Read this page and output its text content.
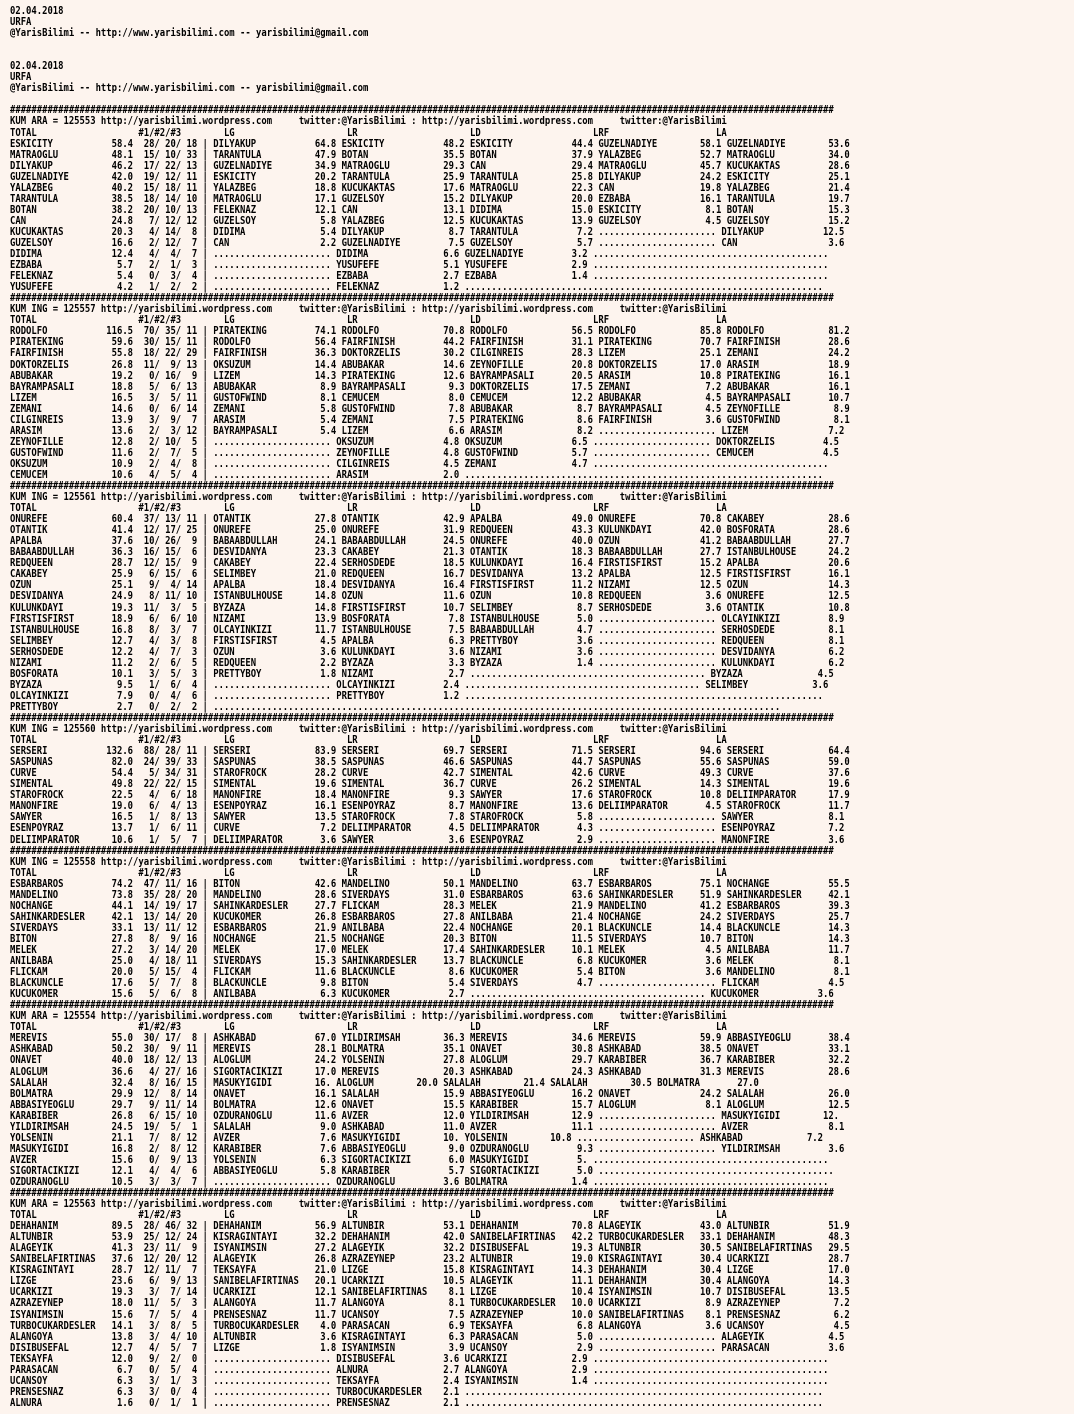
02.04.2018
URFA
@YarisBilimi -- http://www.yarisbilimi.com -- yarisbilimi@gmail.com

02.04.2018
URFA
@YarisBilimi -- http://www.yarisbilimi.com -- yarisbilimi@gmail.com

##########################################################################################################################################################
KUM ARA = 125553 http://yarisbilimi.wordpress.com     twitter:@YarisBilimi : http://yarisbilimi.wordpress.com     twitter:@YarisBilimi
TOTAL                   #1/#2/#3        LG                     LR                     LD                     LRF                    LA
ESKICITY           58.4  28/ 20/ 18 | DILYAKUP           64.8 ESKICITY           48.2 ESKICITY           44.4 GUZELNADIYE        58.1 GUZELNADIYE        53.6
MATRAOGLU          48.1  15/ 10/ 33 | TARANTULA          47.9 BOTAN              35.5 BOTAN              37.9 YALAZBEG           52.7 MATRAOGLU          34.0
DILYAKUP           46.2  17/ 22/ 13 | GUZELNADIYE        34.9 MATRAOGLU          29.3 CAN                29.4 MATRAOGLU          45.7 KUCUKAKTAS         28.6
GUZELNADIYE        42.0  19/ 12/ 11 | ESKICITY           20.2 TARANTULA          25.9 TARANTULA          25.8 DILYAKUP           24.2 ESKICITY           25.1
YALAZBEG           40.2  15/ 18/ 11 | YALAZBEG           18.8 KUCUKAKTAS         17.6 MATRAOGLU          22.3 CAN                19.8 YALAZBEG           21.4
TARANTULA          38.5  18/ 14/ 10 | MATRAOGLU          17.1 GUZELSOY           15.2 DILYAKUP           20.0 EZBABA             16.1 TARANTULA          19.7
BOTAN              38.2  20/ 10/ 13 | FELEKNAZ           12.1 CAN                13.1 DIDIMA             15.0 ESKICITY            8.1 BOTAN              15.3
CAN                24.8   7/ 12/ 12 | GUZELSOY            5.8 YALAZBEG           12.5 KUCUKAKTAS         13.9 GUZELSOY            4.5 GUZELSOY           15.2
KUCUKAKTAS         20.3   4/ 14/  8 | DIDIMA              5.4 DILYAKUP            8.7 TARANTULA           7.2 ...................... DILYAKUP           12.5
GUZELSOY           16.6   2/ 12/  7 | CAN                 2.2 GUZELNADIYE         7.5 GUZELSOY            5.7 ...................... CAN                 3.6
DIDIMA             12.4   4/  4/  7 | ...................... DIDIMA              6.6 GUZELNADIYE         3.2 ............................................
EZBABA              5.7   2/  1/  3 | ...................... YUSUFEFE            5.1 YUSUFEFE            2.9 ............................................
FELEKNAZ            5.4   0/  3/  4 | ...................... EZBABA              2.7 EZBABA              1.4 ............................................
YUSUFEFE            4.2   1/  2/  2 | ...................... FELEKNAZ            1.2 ...................................................................
##########################################################################################################################################################
KUM ING = 125557 http://yarisbilimi.wordpress.com     twitter:@YarisBilimi : http://yarisbilimi.wordpress.com     twitter:@YarisBilimi
TOTAL                   #1/#2/#3        LG                     LR                     LD                     LRF                    LA
RODOLFO           116.5  70/ 35/ 11 | PIRATEKING         74.1 RODOLFO            70.8 RODOLFO            56.5 RODOLFO            85.8 RODOLFO            81.2
PIRATEKING         59.6  30/ 15/ 11 | RODOLFO            56.4 FAIRFINISH         44.2 FAIRFINISH         31.1 PIRATEKING         70.7 FAIRFINISH         28.6
FAIRFINISH         55.8  18/ 22/ 29 | FAIRFINISH         36.3 DOKTORZELIS        30.2 CILGINREIS         28.3 LIZEM              25.1 ZEMANI             24.2
DOKTORZELIS        26.8  11/  9/ 13 | OKSUZUM            14.4 ABUBAKAR           14.6 ZEYNOFILLE         20.8 DOKTORZELIS        17.0 ARASIM             18.9
ABUBAKAR           19.2   0/ 16/  9 | LIZEM              14.3 PIRATEKING         12.6 BAYRAMPASALI       20.5 ARASIM             10.8 PIRATEKING         16.1
BAYRAMPASALI       18.8   5/  6/ 13 | ABUBAKAR            8.9 BAYRAMPASALI        9.3 DOKTORZELIS        17.5 ZEMANI              7.2 ABUBAKAR           16.1
LIZEM              16.5   3/  5/ 11 | GUSTOFWIND          8.1 CEMUCEM             8.0 CEMUCEM            12.2 ABUBAKAR            4.5 BAYRAMPASALI       10.7
ZEMANI             14.6   0/  6/ 14 | ZEMANI              5.8 GUSTOFWIND          7.8 ABUBAKAR            8.7 BAYRAMPASALI        4.5 ZEYNOFILLE          8.9
CILGINREIS         13.9   3/  9/  7 | ARASIM              5.4 ZEMANI              7.5 PIRATEKING          8.6 FAIRFINISH          3.6 GUSTOFWIND          8.1
ARASIM             13.6   2/  3/ 12 | BAYRAMPASALI        5.4 LIZEM               6.6 ARASIM              8.2 ...................... LIZEM               7.2
ZEYNOFILLE         12.8   2/ 10/  5 | ...................... OKSUZUM             4.8 OKSUZUM             6.5 ...................... DOKTORZELIS         4.5
GUSTOFWIND         11.6   2/  7/  5 | ...................... ZEYNOFILLE          4.8 GUSTOFWIND          5.7 ...................... CEMUCEM             4.5
OKSUZUM            10.9   2/  4/  8 | ...................... CILGINREIS          4.5 ZEMANI              4.7 ............................................
CEMUCEM            10.6   4/  5/  4 | ...................... ARASIM              2.0 ...................................................................
##########################################################################################################################################################
KUM ING = 125561 http://yarisbilimi.wordpress.com     twitter:@YarisBilimi : http://yarisbilimi.wordpress.com     twitter:@YarisBilimi
TOTAL                   #1/#2/#3        LG                     LR                     LD                     LRF                    LA
ONUREFE            60.4  37/ 13/ 11 | OTANTIK            27.8 OTANTIK            42.9 APALBA             49.0 ONUREFE            70.8 CAKABEY            28.6
OTANTIK            41.4  12/ 17/ 25 | ONUREFE            25.0 ONUREFE            31.9 REDQUEEN           43.3 KULUNKDAYI         42.0 BOSFORATA          28.6
APALBA             37.6  10/ 26/  9 | BABAABDULLAH       24.1 BABAABDULLAH       24.5 ONUREFE            40.0 OZUN               41.2 BABAABDULLAH       27.7
BABAABDULLAH       36.3  16/ 15/  6 | DESVIDANYA         23.3 CAKABEY            21.3 OTANTIK            18.3 BABAABDULLAH       27.7 ISTANBULHOUSE      24.2
REDQUEEN           28.7  12/ 15/  9 | CAKABEY            22.4 SERHOSDEDE         18.5 KULUNKDAYI         16.4 FIRSTISFIRST       15.2 APALBA             20.6
CAKABEY            25.9   6/ 15/  6 | SELIMBEY           21.0 REDQUEEN           16.7 DESVIDANYA         13.2 APALBA             12.5 FIRSTISFIRST       16.1
OZUN               25.1   9/  4/ 14 | APALBA             18.4 DESVIDANYA         16.4 FIRSTISFIRST       11.2 NIZAMI             12.5 OZUN               14.3
DESVIDANYA         24.9   8/ 11/ 10 | ISTANBULHOUSE      14.8 OZUN               11.6 OZUN               10.8 REDQUEEN            3.6 ONUREFE            12.5
KULUNKDAYI         19.3  11/  3/  5 | BYZAZA             14.8 FIRSTISFIRST       10.7 SELIMBEY            8.7 SERHOSDEDE          3.6 OTANTIK            10.8
FIRSTISFIRST       18.9   6/  6/ 10 | NIZAMI             13.9 BOSFORATA           7.8 ISTANBULHOUSE       5.0 ...................... OLCAYINKIZI         8.9
ISTANBULHOUSE      16.8   8/  3/  7 | OLCAYINKIZI        11.7 ISTANBULHOUSE       7.5 BABAABDULLAH        4.7 ...................... SERHOSDEDE          8.1
SELIMBEY           12.7   4/  3/  8 | FIRSTISFIRST        4.5 APALBA              6.3 PRETTYBOY           3.6 ...................... REDQUEEN            8.1
SERHOSDEDE         12.2   4/  7/  3 | OZUN                3.6 KULUNKDAYI          3.6 NIZAMI              3.6 ...................... DESVIDANYA          6.2
NIZAMI             11.2   2/  6/  5 | REDQUEEN            2.2 BYZAZA              3.3 BYZAZA              1.4 ...................... KULUNKDAYI          6.2
BOSFORATA          10.1   3/  5/  3 | PRETTYBOY           1.8 NIZAMI              2.7 ............................................ BYZAZA              4.5
BYZAZA              9.5   1/  6/  4 | ...................... OLCAYINKIZI         2.4 ............................................ SELIMBEY            3.6
OLCAYINKIZI         7.9   0/  4/  6 | ...................... PRETTYBOY           1.2 ...................................................................
PRETTYBOY           2.7   0/  2/  2 | ..........................................................................................................
##########################################################################################################################################################
KUM ING = 125560 http://yarisbilimi.wordpress.com     twitter:@YarisBilimi : http://yarisbilimi.wordpress.com     twitter:@YarisBilimi
TOTAL                   #1/#2/#3        LG                     LR                     LD                     LRF                    LA
SERSERI           132.6  88/ 28/ 11 | SERSERI            83.9 SERSERI            69.7 SERSERI            71.5 SERSERI            94.6 SERSERI            64.4
SASPUNAS           82.0  24/ 39/ 33 | SASPUNAS           38.5 SASPUNAS           46.6 SASPUNAS           44.7 SASPUNAS           55.6 SASPUNAS           59.0
CURVE              54.4   5/ 34/ 31 | STAROFROCK         28.2 CURVE              42.7 SIMENTAL           42.6 CURVE              49.3 CURVE              37.6
SIMENTAL           49.8  22/ 22/ 15 | SIMENTAL           19.6 SIMENTAL           36.7 CURVE              26.2 SIMENTAL           14.3 SIMENTAL           19.6
STAROFROCK         22.5   4/  6/ 18 | MANONFIRE          18.4 MANONFIRE           9.3 SAWYER             17.6 STAROFROCK         10.8 DELIIMPARATOR      17.9
MANONFIRE          19.0   6/  4/ 13 | ESENPOYRAZ         16.1 ESENPOYRAZ          8.7 MANONFIRE          13.6 DELIIMPARATOR       4.5 STAROFROCK         11.7
SAWYER             16.5   1/  8/ 13 | SAWYER             13.5 STAROFROCK          7.8 STAROFROCK          5.8 ...................... SAWYER              8.1
ESENPOYRAZ         13.7   1/  6/ 11 | CURVE               7.2 DELIIMPARATOR       4.5 DELIIMPARATOR       4.3 ...................... ESENPOYRAZ          7.2
DELIIMPARATOR      10.6   1/  5/  7 | DELIIMPARATOR       3.6 SAWYER              3.6 ESENPOYRAZ          2.9 ...................... MANONFIRE           3.6
##########################################################################################################################################################
KUM ING = 125558 http://yarisbilimi.wordpress.com     twitter:@YarisBilimi : http://yarisbilimi.wordpress.com     twitter:@YarisBilimi
TOTAL                   #1/#2/#3        LG                     LR                     LD                     LRF                    LA
ESBARBAROS         74.2  47/ 11/ 16 | BITON              42.6 MANDELINO          50.1 MANDELINO          63.7 ESBARBAROS         75.1 NOCHANGE           55.5
MANDELINO          73.8  35/ 28/ 20 | MANDELINO          28.6 SIVERDAYS          31.0 ESBARBAROS         63.6 SAHINKARDESLER     51.9 SAHINKARDESLER     42.1
NOCHANGE           44.1  14/ 19/ 17 | SAHINKARDESLER     27.7 FLICKAM            28.3 MELEK              21.9 MANDELINO          41.2 ESBARBAROS         39.3
SAHINKARDESLER     42.1  13/ 14/ 20 | KUCUKOMER          26.8 ESBARBAROS         27.8 ANILBABA           21.4 NOCHANGE           24.2 SIVERDAYS          25.7
SIVERDAYS          33.1  13/ 11/ 12 | ESBARBAROS         21.9 ANILBABA           22.4 NOCHANGE           20.1 BLACKUNCLE         14.4 BLACKUNCLE         14.3
BITON              27.8   8/  9/ 16 | NOCHANGE           21.5 NOCHANGE           20.3 BITON              11.5 SIVERDAYS          10.7 BITON              14.3
MELEK              27.2   3/ 14/ 20 | MELEK              17.0 MELEK              17.4 SAHINKARDESLER     10.1 MELEK               4.5 ANILBABA           11.7
ANILBABA           25.0   4/ 18/ 11 | SIVERDAYS          15.3 SAHINKARDESLER     13.7 BLACKUNCLE          6.8 KUCUKOMER           3.6 MELEK               8.1
FLICKAM            20.0   5/ 15/  4 | FLICKAM            11.6 BLACKUNCLE          8.6 KUCUKOMER           5.4 BITON               3.6 MANDELINO           8.1
BLACKUNCLE         17.6   5/  7/  8 | BLACKUNCLE          9.8 BITON               5.4 SIVERDAYS           4.7 ...................... FLICKAM             4.5
KUCUKOMER          15.6   5/  6/  8 | ANILBABA            6.3 KUCUKOMER           2.7 ............................................ KUCUKOMER           3.6
##########################################################################################################################################################
KUM ARA = 125554 http://yarisbilimi.wordpress.com     twitter:@YarisBilimi : http://yarisbilimi.wordpress.com     twitter:@YarisBilimi
TOTAL                   #1/#2/#3        LG                     LR                     LD                     LRF                    LA
MEREVIS            55.0  30/ 17/  8 | ASHKABAD           67.0 YILDIRIMSAH        36.3 MEREVIS            34.6 MEREVIS            59.9 ABBASIYEOGLU       38.4
ASHKABAD           50.2  30/  9/ 11 | MEREVIS            28.1 BOLMATRA           35.1 ONAVET             30.8 ASHKABAD           38.5 ONAVET             33.1
ONAVET             40.0  18/ 12/ 13 | ALOGLUM            24.2 YOLSENIN           27.8 ALOGLUM            29.7 KARABIBER          36.7 KARABIBER          32.2
ALOGLUM            36.6   4/ 27/ 16 | SIGORTACIKIZI      17.0 MEREVIS            20.3 ASHKABAD           24.3 ASHKABAD           31.3 MEREVIS            28.6
SALALAH            32.4   8/ 16/ 15 | MASUKYIGIDI        16. ALOGLUM        20.0 SALALAH        21.4 SALALAH        30.5 BOLMATRA       27.0
BOLMATRA           29.9  12/  8/ 14 | ONAVET             16.1 SALALAH            15.9 ABBASIYEOGLU       16.2 ONAVET             24.2 SALALAH            26.0
ABBASIYEOGLU       29.7   9/ 11/ 14 | BOLMATRA           12.6 ONAVET             15.5 KARABIBER          15.7 ALOGLUM             8.1 ALOGLUM            12.5
KARABIBER          26.8   6/ 15/ 10 | OZDURANOGLU        11.6 AVZER              12.0 YILDIRIMSAH        12.9 ...................... MASUKYIGIDI        12.
YILDIRIMSAH        24.5  19/  5/  1 | SALALAH             9.0 ASHKABAD           11.0 AVZER              11.1 ...................... AVZER               8.1
YOLSENIN           21.1   7/  8/ 12 | AVZER               7.6 MASUKYIGIDI        10. YOLSENIN        10.8 ...................... ASHKABAD            7.2
MASUKYIGIDI        16.8   2/  8/ 12 | KARABIBER           7.6 ABBASIYEOGLU        9.0 OZDURANOGLU         9.3 ...................... YILDIRIMSAH         3.6
AVZER              15.6   0/  9/ 13 | YOLSENIN            6.3 SIGORTACIKIZI       6.0 MASUKYIGIDI         5. ............................................
SIGORTACIKIZI      12.1   4/  4/  6 | ABBASIYEOGLU        5.8 KARABIBER           5.7 SIGORTACIKIZI       5.0 ............................................
OZDURANOGLU        10.5   3/  3/  7 | ...................... OZDURANOGLU         3.6 BOLMATRA            1.4 ............................................
##########################################################################################################################################################
KUM ARA = 125563 http://yarisbilimi.wordpress.com     twitter:@YarisBilimi : http://yarisbilimi.wordpress.com     twitter:@YarisBilimi
TOTAL                   #1/#2/#3        LG                     LR                     LD                     LRF                    LA
DEHAHANIM          89.5  28/ 46/ 32 | DEHAHANIM          56.9 ALTUNBIR           53.1 DEHAHANIM          70.8 ALAGEYIK           43.0 ALTUNBIR           51.9
ALTUNBIR           53.9  25/ 12/ 24 | KISRAGINTAYI       32.2 DEHAHANIM          42.0 SANIBELAFIRTINAS   42.2 TURBOCUKARDESLER   33.1 DEHAHANIM          48.3
ALAGEYIK           41.3  23/ 11/  9 | ISYANIMSIN         27.2 ALAGEYIK           32.2 DISIBUSEFAL        19.3 ALTUNBIR           30.5 SANIBELAFIRTINAS   29.5
SANIBELAFIRTINAS   37.6  12/ 20/ 12 | ALAGEYIK           26.8 AZRAZEYNEP         23.2 ALTUNBIR           19.0 KISRAGINTAYI       30.4 UCARKIZI           28.7
KISRAGINTAYI       28.7  12/ 11/  7 | TEKSAYFA           21.0 LIZGE              15.8 KISRAGINTAYI       14.3 DEHAHANIM          30.4 LIZGE              17.0
LIZGE              23.6   6/  9/ 13 | SANIBELAFIRTINAS   20.1 UCARKIZI           10.5 ALAGEYIK           11.1 DEHAHANIM          30.4 ALANGOYA           14.3
UCARKIZI           19.3   3/  7/ 14 | UCARKIZI           12.1 SANIBELAFIRTINAS    8.1 LIZGE              10.4 ISYANIMSIN         10.7 DISIBUSEFAL        13.5
AZRAZEYNEP         18.0  11/  5/  3 | ALANGOYA           11.7 ALANGOYA            8.1 TURBOCUKARDESLER   10.0 UCARKIZI            8.9 AZRAZEYNEP          7.2
ISYANIMSIN         15.6   7/  5/  4 | PRENSESNAZ         11.7 UCANSOY             7.5 AZRAZEYNEP         10.0 SANIBELAFIRTINAS    8.1 PRENSESNAZ          6.2
TURBOCUKARDESLER   14.1   3/  8/  5 | TURBOCUKARDESLER    4.0 PARASACAN           6.9 TEKSAYFA            6.8 ALANGOYA            3.6 UCANSOY             4.5
ALANGOYA           13.8   3/  4/ 10 | ALTUNBIR            3.6 KISRAGINTAYI        6.3 PARASACAN           5.0 ...................... ALAGEYIK            4.5
DISIBUSEFAL        12.7   4/  5/  7 | LIZGE               1.8 ISYANIMSIN          3.9 UCANSOY             2.9 ...................... PARASACAN           3.6
TEKSAYFA           12.0   9/  2/  0 | ...................... DISIBUSEFAL         3.6 UCARKIZI            2.9 ............................................
PARASACAN           6.7   0/  5/  4 | ...................... ALNURA              2.7 ALANGOYA            2.9 ............................................
UCANSOY             6.3   3/  1/  3 | ...................... TEKSAYFA            2.4 ISYANIMSIN          1.4 ............................................
PRENSESNAZ          6.3   3/  0/  4 | ...................... TURBOCUKARDESLER    2.1 ...................................................................
ALNURA              1.6   0/  1/  1 | ...................... PRENSESNAZ          2.1 ...................................................................
